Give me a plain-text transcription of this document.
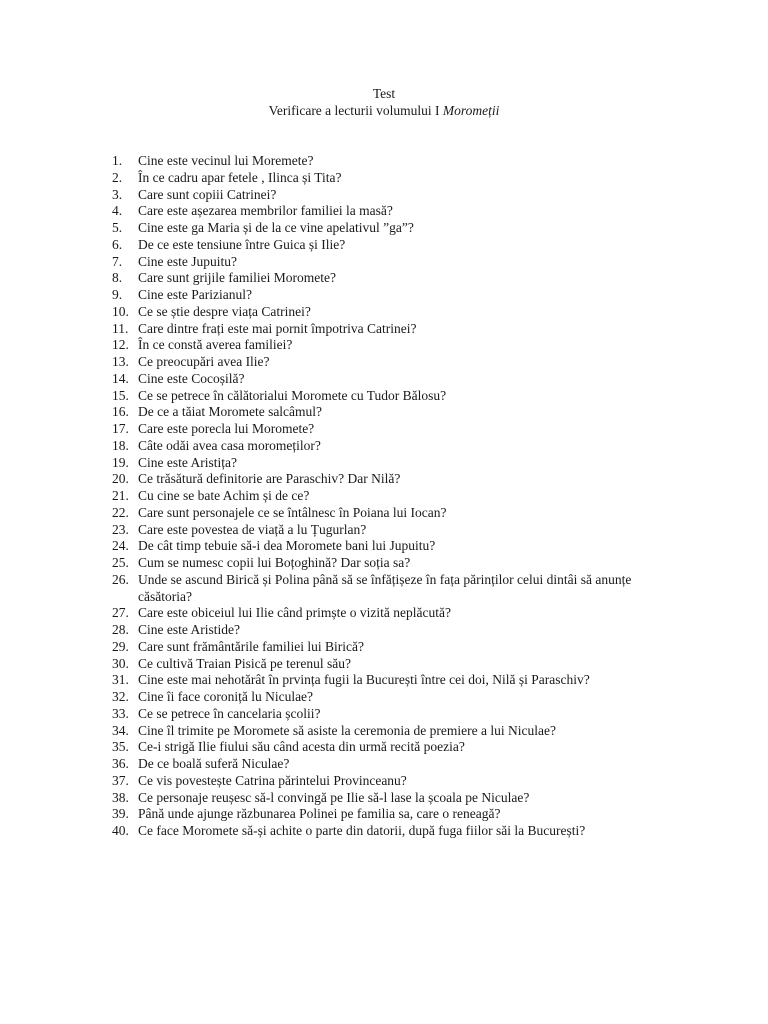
Test
Verificare a lecturii volumului I Moromeții
1.	Cine este vecinul lui Moremete?
2.	În ce cadru apar fetele , Ilinca și Tita?
3.	Care sunt copiii Catrinei?
4.	Care este așezarea membrilor familiei la masă?
5.	Cine este ga Maria și de la ce vine apelativul ”ga”?
6.	De ce este tensiune între Guica și Ilie?
7.	Cine este Jupuitu?
8.	Care sunt grijile familiei Moromete?
9.	Cine este Parizianul?
10. Ce se știe despre viața Catrinei?
11. Care dintre frați este mai pornit împotriva Catrinei?
12. În ce constă averea familiei?
13. Ce preocupări avea Ilie?
14. Cine este Cocoșilă?
15. Ce se petrece în călătorialui Moromete cu Tudor Bălosu?
16. De ce a tăiat Moromete salcâmul?
17. Care este porecla lui Moromete?
18. Câte odăi avea casa moromeților?
19. Cine este Aristița?
20. Ce trăsătură definitorie are Paraschiv? Dar Nilă?
21. Cu cine se bate Achim și de ce?
22. Care sunt personajele ce se întâlnesc în Poiana lui Iocan?
23. Care este povestea de viață a lu Țugurlan?
24. De cât timp tebuie să-i dea Moromete bani lui Jupuitu?
25. Cum se numesc copii lui Boțoghină? Dar soția sa?
26. Unde se ascund Birică și Polina până să se înfățișeze în fața părinților celui dintâi să anunțe căsătoria?
27. Care este obiceiul lui Ilie când primște o vizită neplăcută?
28. Cine este Aristide?
29. Care sunt frământările familiei lui Birică?
30. Ce cultivă Traian Pisică pe terenul său?
31. Cine este mai nehotărât în prvința fugii la București între cei doi, Nilă și Paraschiv?
32. Cine îi face coroniță lu Niculae?
33. Ce se petrece în cancelaria școlii?
34. Cine îl trimite pe Moromete să asiste la ceremonia de premiere a lui Niculae?
35. Ce-i strigă Ilie fiului său când acesta din urmă recită poezia?
36. De ce boală suferă Niculae?
37. Ce vis povestește Catrina părintelui Provinceanu?
38. Ce personaje reușesc să-l convingă pe Ilie să-l lase la școala pe Niculae?
39. Până unde ajunge răzbunarea Polinei pe familia sa, care o reneagă?
40. Ce face Moromete să-și achite o parte din datorii, după fuga fiilor săi la București?
